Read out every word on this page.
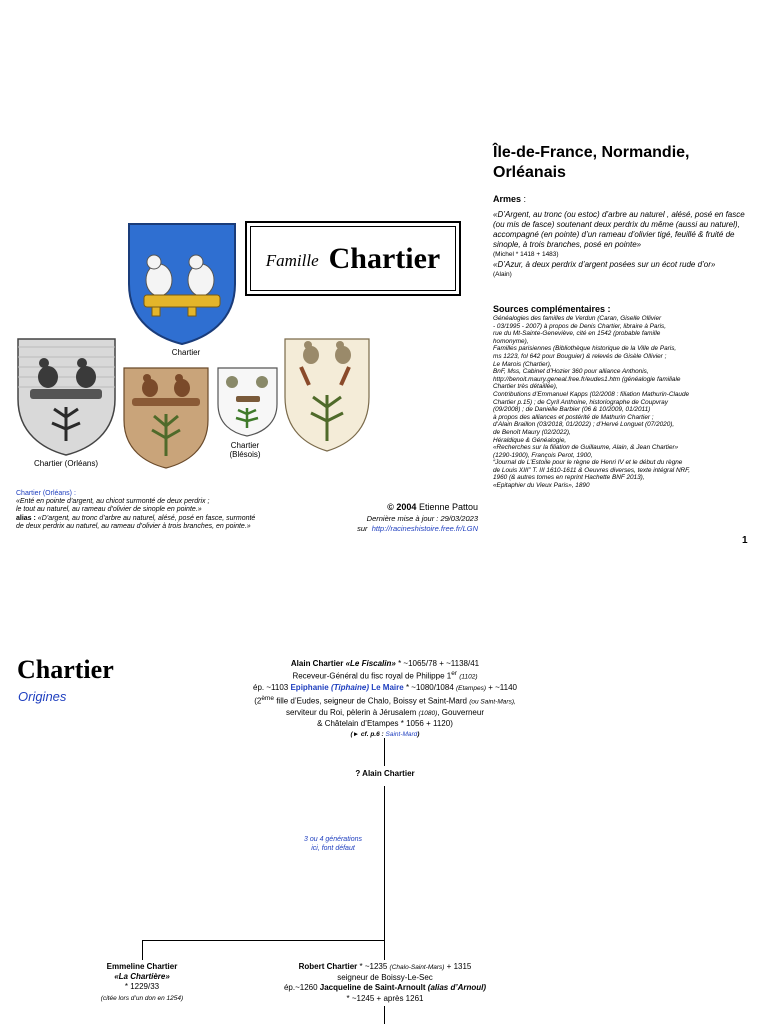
Île-de-France, Normandie, Orléanais
Armes :
«D’Argent, au tronc (ou estoc) d’arbre au naturel , alésé, posé en fasce (ou mis de fasce) soutenant deux perdrix du même (aussi au naturel), accompagné (en pointe) d’un rameau d’olivier tigé, feuillé & fruité de sinople, à trois branches, posé en pointe»
(Michel * 1418 + 1483)
«D’Azur, à deux perdrix d’argent posées sur un écot rude d’or»
(Alain)
Sources complémentaires :
Généalogies des familles de Verdun (Caran, Giselle Ollivier
- 03/1995 - 2007) à propos de Denis Chartier, libraire à Paris,
rue du Mt-Sainte-Geneviève, cité en 1542 (probable famille
homonyme),
Familles parisiennes (Bibliothèque historique de la Ville de Paris,
ms 1223, fol 642 pour Bouguier) & relevés de Gisèle Ollivier ;
Le Marois (Chartier),
BnF, Mss, Cabinet d’Hozier 360 pour alliance Anthonis,
http://benoit.maury.geneal.free.fr/eudes1.htm (généalogie familiale
Chartier très détaillée),
Contributions d’Emmanuel Kapps (02/2008 : filiation Mathurin-Claude
Chartier p.15) ; de Cyril Anthoine, historiographe de Coupvray
(09/2008) ; de Danielle Barbier (06 & 10/2009, 01/2011)
à propos des alliances et postérité de Mathurin Chartier ;
d’Alain Braillon (03/2018, 01/2022) ; d’Hervé Longuet (07/2020),
de Benoît Maury (02/2022),
Héraldique & Généalogie,
«Recherches sur la filiation de Guillaume, Alain, & Jean Chartier»
(1290-1900), François Perot, 1900,
“Journal de L’Estoile pour le règne de Henri IV et le début du règne
de Louis XIII” T. III 1610-1611 & Oeuvres diverses, texte intégral NRF,
1960 (& autres tomes en reprint Hachette BNF 2013),
«Epitaphier du Vieux Paris», 1890
Chartier
Famille Chartier
Chartier (Orléans)
Chartier
(Blésois)
Chartier (Orléans) :
«Enté en pointe d’argent, au chicot surmonté de deux perdrix ;
le tout au naturel, au rameau d’olivier de sinople en pointe.»
alias : «D’argent, au tronc d’arbre au naturel, alésé, posé en fasce, surmonté
de deux perdrix au naturel, au rameau d’olivier à trois branches, en pointe.»
© 2004 Etienne Pattou
Dernière mise à jour : 29/03/2023
sur http://racineshistoire.free.fr/LGN
1
Chartier
Origines
Alain Chartier «Le Fiscalin» * ~1065/78 + ~1138/41
Receveur-Général du fisc royal de Philippe 1er (1102)
ép. ~1103 Epiphanie (Tiphaine) Le Maire * ~1080/1084 (Etampes) + ~1140
(2ème fille d’Eudes, seigneur de Chalo, Boissy et Saint-Mard (ou Saint-Mars),
serviteur du Roi, pèlerin à Jérusalem (1080), Gouverneur
& Châtelain d’Etampes * 1056 + 1120)
(► cf. p.6 : Saint-Mard)
? Alain Chartier
3 ou 4 générations
ici, font défaut
Emmeline Chartier
«La Chartière»
* 1229/33
(citée lors d’un don en 1254)
Robert Chartier * ~1235 (Chalo-Saint-Mars) + 1315
seigneur de Boissy-Le-Sec
ép.~1260 Jacqueline de Saint-Arnoult (alias d’Arnoul)
* ~1245 + après 1261
